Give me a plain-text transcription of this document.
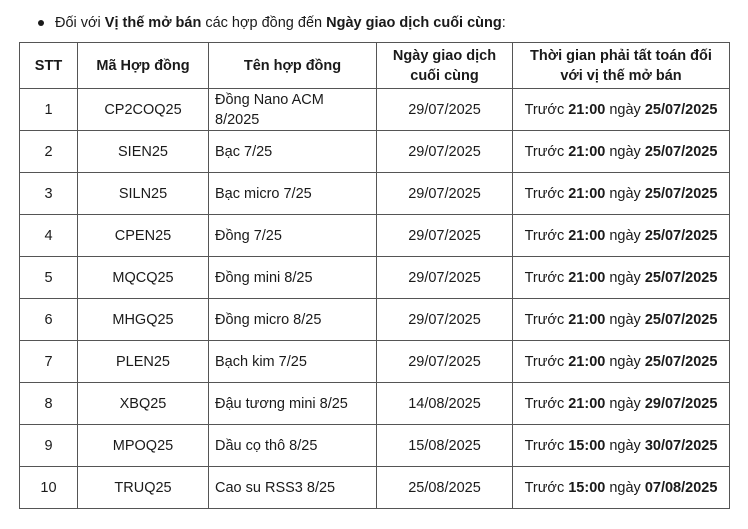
Đối với Vị thế mở bán các hợp đồng đến Ngày giao dịch cuối cùng:
STT	Mã Hợp đồng	Tên hợp đồng	Ngày giao dịch cuối cùng	Thời gian phải tất toán đối với vị thế mở bán
1	CP2COQ25	Đồng Nano ACM 8/2025	29/07/2025	Trước 21:00 ngày 25/07/2025
2	SIEN25	Bạc 7/25	29/07/2025	Trước 21:00 ngày 25/07/2025
3	SILN25	Bạc micro 7/25	29/07/2025	Trước 21:00 ngày 25/07/2025
4	CPEN25	Đồng 7/25	29/07/2025	Trước 21:00 ngày 25/07/2025
5	MQCQ25	Đồng mini 8/25	29/07/2025	Trước 21:00 ngày 25/07/2025
6	MHGQ25	Đồng micro 8/25	29/07/2025	Trước 21:00 ngày 25/07/2025
7	PLEN25	Bạch kim 7/25	29/07/2025	Trước 21:00 ngày 25/07/2025
8	XBQ25	Đậu tương mini 8/25	14/08/2025	Trước 21:00 ngày 29/07/2025
9	MPOQ25	Dầu cọ thô 8/25	15/08/2025	Trước 15:00 ngày 30/07/2025
10	TRUQ25	Cao su RSS3 8/25	25/08/2025	Trước 15:00 ngày 07/08/2025
